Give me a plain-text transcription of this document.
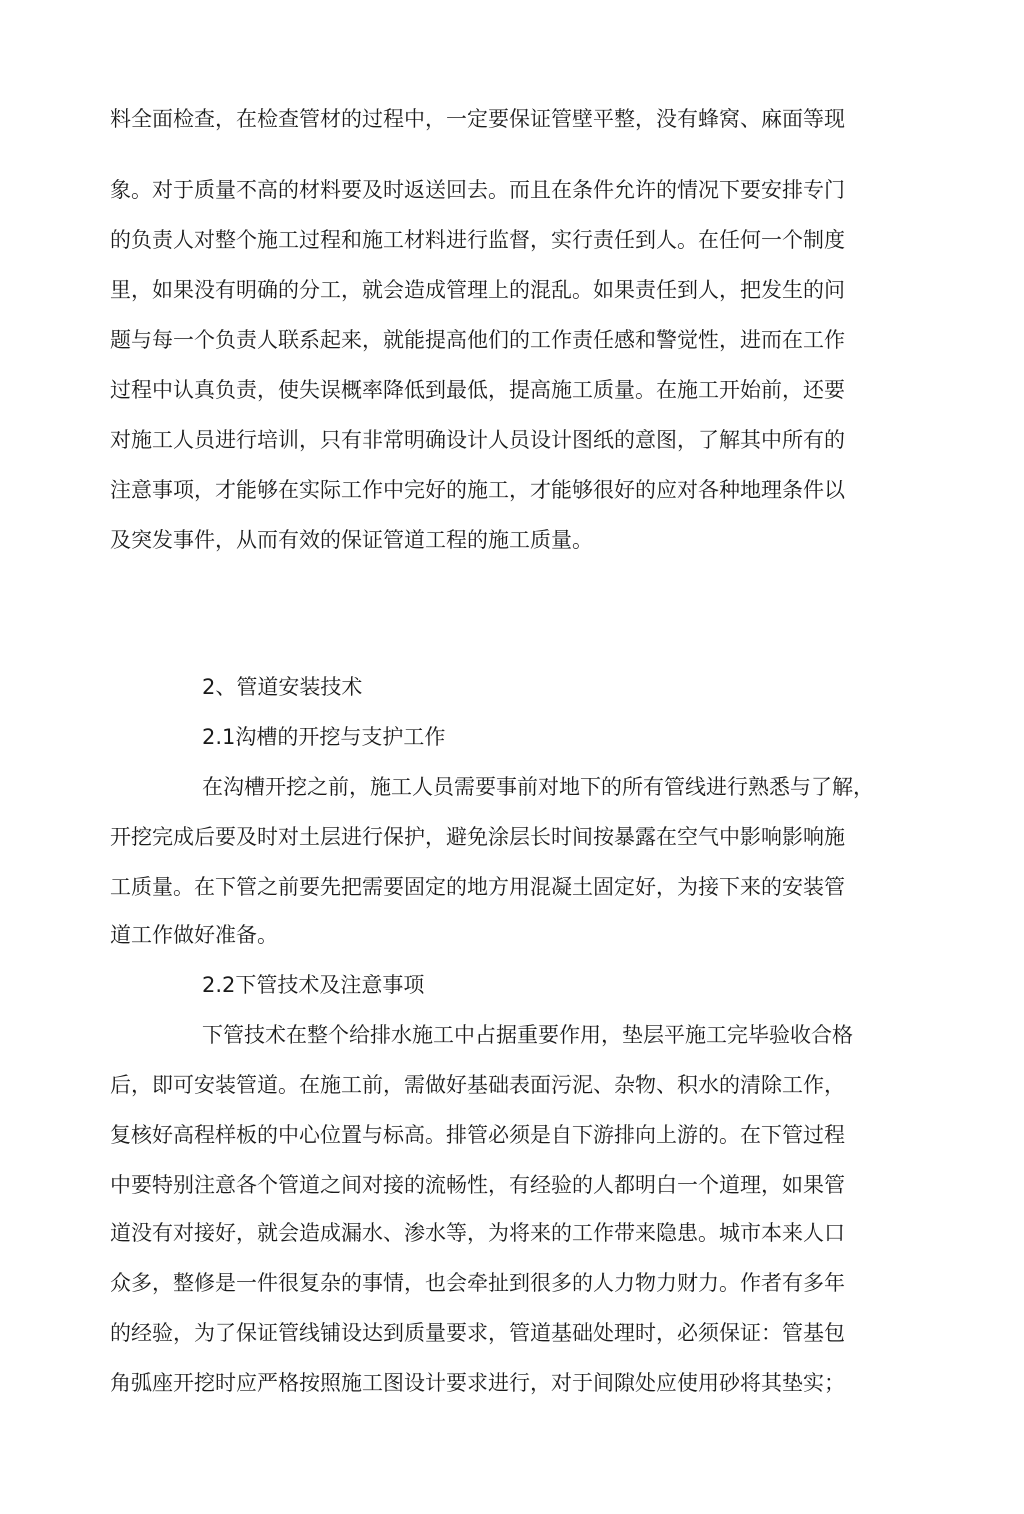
料全面检查，在检查管材的过程中，一定要保证管壁平整，没有蜂窝、麻面等现
象。对于质量不高的材料要及时返送回去。而且在条件允许的情况下要安排专门
的负责人对整个施工过程和施工材料进行监督，实行责任到人。在任何一个制度
里，如果没有明确的分工，就会造成管理上的混乱。如果责任到人，把发生的问
题与每一个负责人联系起来，就能提高他们的工作责任感和警觉性，进而在工作
过程中认真负责，使失误概率降低到最低，提高施工质量。在施工开始前，还要
对施工人员进行培训，只有非常明确设计人员设计图纸的意图，了解其中所有的
注意事项，才能够在实际工作中完好的施工，才能够很好的应对各种地理条件以
及突发事件，从而有效的保证管道工程的施工质量。
2、管道安装技术
2.1沟槽的开挖与支护工作
在沟槽开挖之前，施工人员需要事前对地下的所有管线进行熟悉与了解，
开挖完成后要及时对土层进行保护，避免涂层长时间按暴露在空气中影响影响施
工质量。在下管之前要先把需要固定的地方用混凝土固定好，为接下来的安装管
道工作做好准备。
2.2下管技术及注意事项
下管技术在整个给排水施工中占据重要作用，垫层平施工完毕验收合格
后，即可安装管道。在施工前，需做好基础表面污泥、杂物、积水的清除工作，
复核好高程样板的中心位置与标高。排管必须是自下游排向上游的。在下管过程
中要特别注意各个管道之间对接的流畅性，有经验的人都明白一个道理，如果管
道没有对接好，就会造成漏水、渗水等，为将来的工作带来隐患。城市本来人口
众多，整修是一件很复杂的事情，也会牵扯到很多的人力物力财力。作者有多年
的经验，为了保证管线铺设达到质量要求，管道基础处理时，必须保证：管基包
角弧座开挖时应严格按照施工图设计要求进行，对于间隙处应使用砂将其垫实；
